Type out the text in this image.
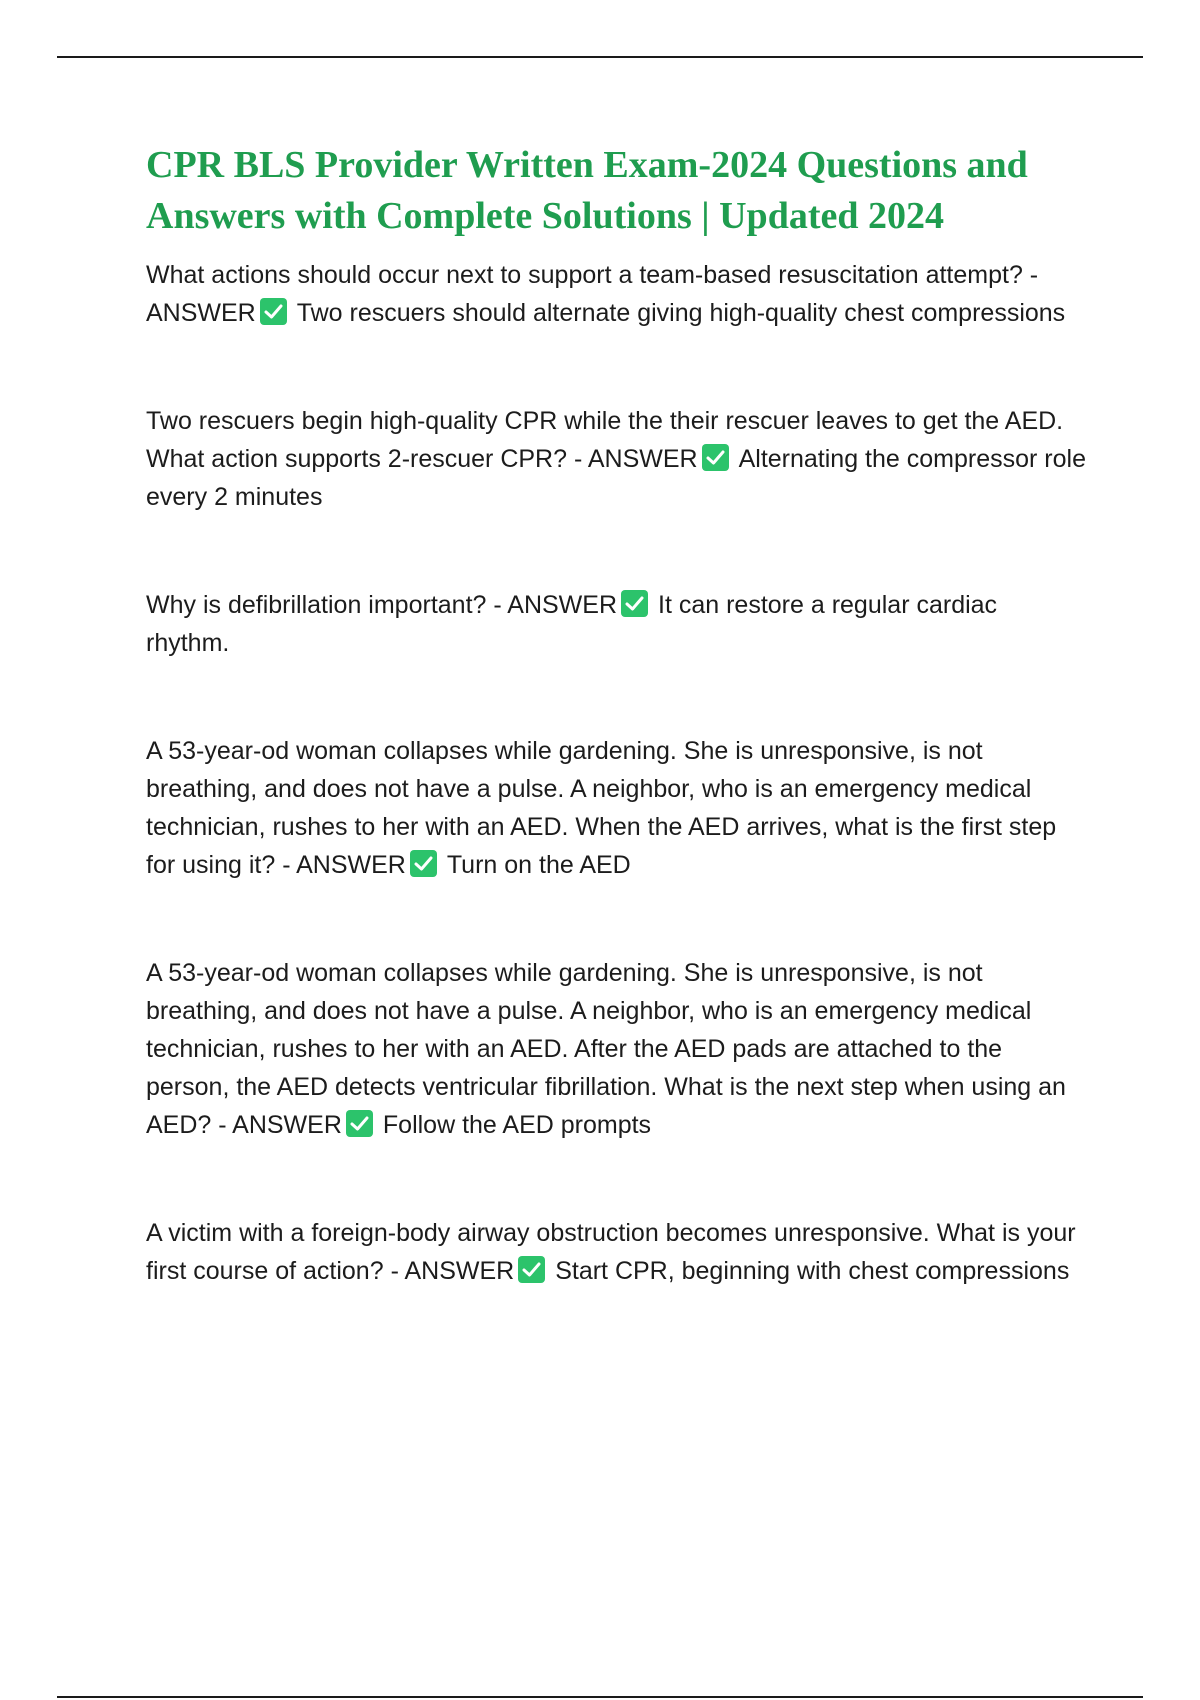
CPR BLS Provider Written Exam-2024 Questions and Answers with Complete Solutions | Updated 2024

What actions should occur next to support a team-based resuscitation attempt? - ANSWER Two rescuers should alternate giving high-quality chest compressions

Two rescuers begin high-quality CPR while the their rescuer leaves to get the AED. What action supports 2-rescuer CPR? - ANSWER Alternating the compressor role every 2 minutes

Why is defibrillation important? - ANSWER It can restore a regular cardiac rhythm.

A 53-year-od woman collapses while gardening. She is unresponsive, is not breathing, and does not have a pulse. A neighbor, who is an emergency medical technician, rushes to her with an AED. When the AED arrives, what is the first step for using it? - ANSWER Turn on the AED

A 53-year-od woman collapses while gardening. She is unresponsive, is not breathing, and does not have a pulse. A neighbor, who is an emergency medical technician, rushes to her with an AED. After the AED pads are attached to the person, the AED detects ventricular fibrillation. What is the next step when using an AED? - ANSWER Follow the AED prompts

A victim with a foreign-body airway obstruction becomes unresponsive. What is your first course of action? - ANSWER Start CPR, beginning with chest compressions
